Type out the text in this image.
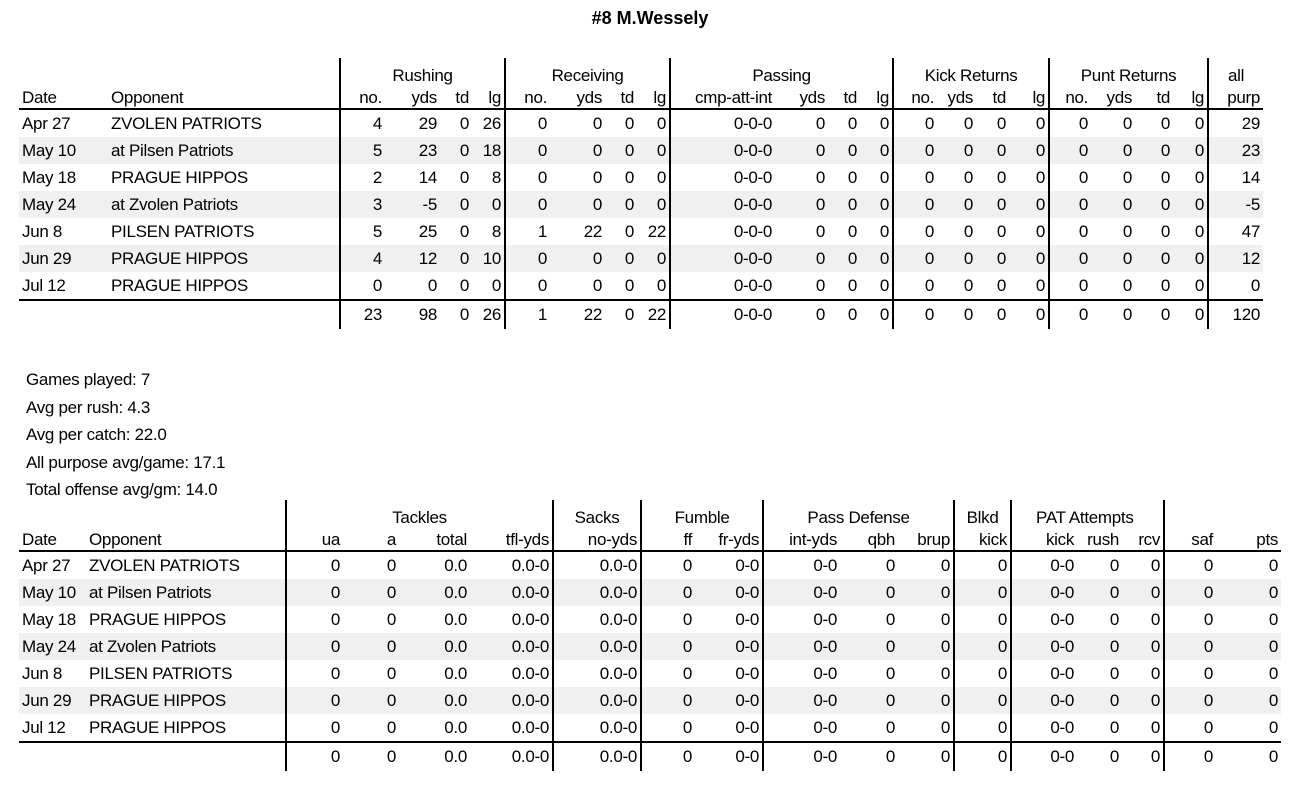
#8 M.Wessely
		Rushing				Receiving				Passing				Kick Returns				Punt Returns				all
Date	Opponent	no.	yds	td	lg	no.	yds	td	lg	cmp-att-int	yds	td	lg	no.	yds	td	lg	no.	yds	td	lg	purp
Apr 27	ZVOLEN PATRIOTS	4	29	0	26	0	0	0	0	0-0-0	0	0	0	0	0	0	0	0	0	0	0	29
May 10	at Pilsen Patriots	5	23	0	18	0	0	0	0	0-0-0	0	0	0	0	0	0	0	0	0	0	0	23
May 18	PRAGUE HIPPOS	2	14	0	8	0	0	0	0	0-0-0	0	0	0	0	0	0	0	0	0	0	0	14
May 24	at Zvolen Patriots	3	-5	0	0	0	0	0	0	0-0-0	0	0	0	0	0	0	0	0	0	0	0	-5
Jun 8	PILSEN PATRIOTS	5	25	0	8	1	22	0	22	0-0-0	0	0	0	0	0	0	0	0	0	0	0	47
Jun 29	PRAGUE HIPPOS	4	12	0	10	0	0	0	0	0-0-0	0	0	0	0	0	0	0	0	0	0	0	12
Jul 12	PRAGUE HIPPOS	0	0	0	0	0	0	0	0	0-0-0	0	0	0	0	0	0	0	0	0	0	0	0
		23	98	0	26	1	22	0	22	0-0-0	0	0	0	0	0	0	0	0	0	0	0	120
Games played: 7
Avg per rush: 4.3
Avg per catch: 22.0
All purpose avg/game: 17.1
Total offense avg/gm: 14.0
		Tackles				Sacks	Fumble		Pass Defense			Blkd	PAT Attempts				
Date	Opponent	ua	a	total	tfl-yds	no-yds	ff	fr-yds	int-yds	qbh	brup	kick	kick	rush	rcv	saf	pts
Apr 27	ZVOLEN PATRIOTS	0	0	0.0	0.0-0	0.0-0	0	0-0	0-0	0	0	0	0-0	0	0	0	0
May 10	at Pilsen Patriots	0	0	0.0	0.0-0	0.0-0	0	0-0	0-0	0	0	0	0-0	0	0	0	0
May 18	PRAGUE HIPPOS	0	0	0.0	0.0-0	0.0-0	0	0-0	0-0	0	0	0	0-0	0	0	0	0
May 24	at Zvolen Patriots	0	0	0.0	0.0-0	0.0-0	0	0-0	0-0	0	0	0	0-0	0	0	0	0
Jun 8	PILSEN PATRIOTS	0	0	0.0	0.0-0	0.0-0	0	0-0	0-0	0	0	0	0-0	0	0	0	0
Jun 29	PRAGUE HIPPOS	0	0	0.0	0.0-0	0.0-0	0	0-0	0-0	0	0	0	0-0	0	0	0	0
Jul 12	PRAGUE HIPPOS	0	0	0.0	0.0-0	0.0-0	0	0-0	0-0	0	0	0	0-0	0	0	0	0
		0	0	0.0	0.0-0	0.0-0	0	0-0	0-0	0	0	0	0-0	0	0	0	0
